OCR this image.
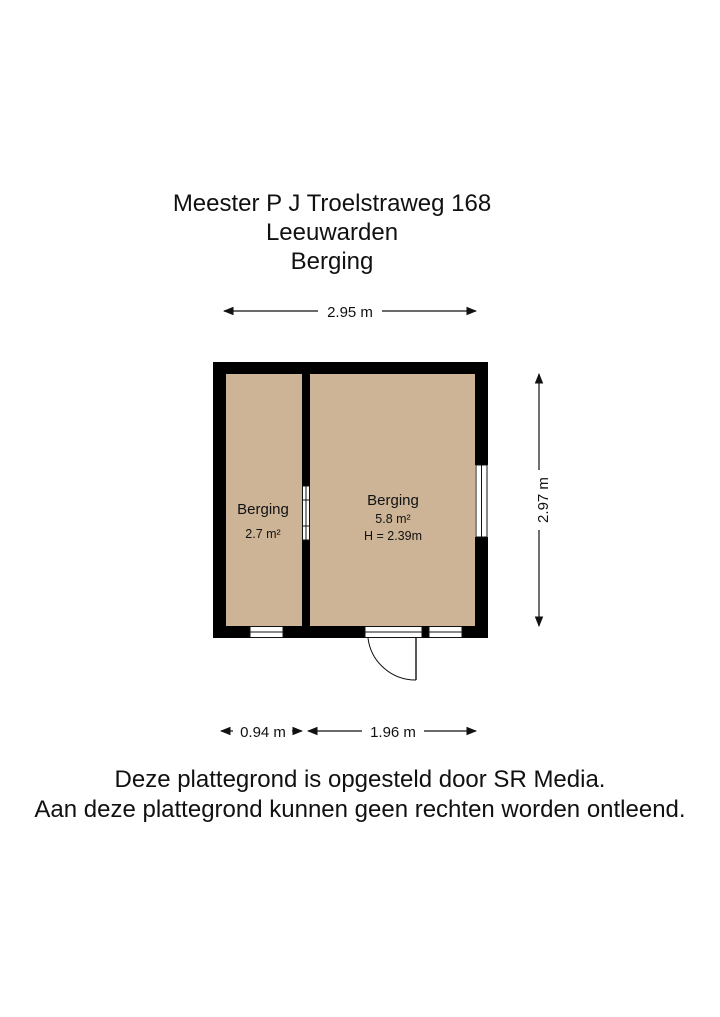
Meester P J Troelstraweg 168
Leeuwarden
Berging
2.95 m
2.97 m
0.94 m	1.96 m
Berging
2.7 m²
Berging
5.8 m²
H = 2.39m
Deze plattegrond is opgesteld door SR Media.
Aan deze plattegrond kunnen geen rechten worden ontleend.
